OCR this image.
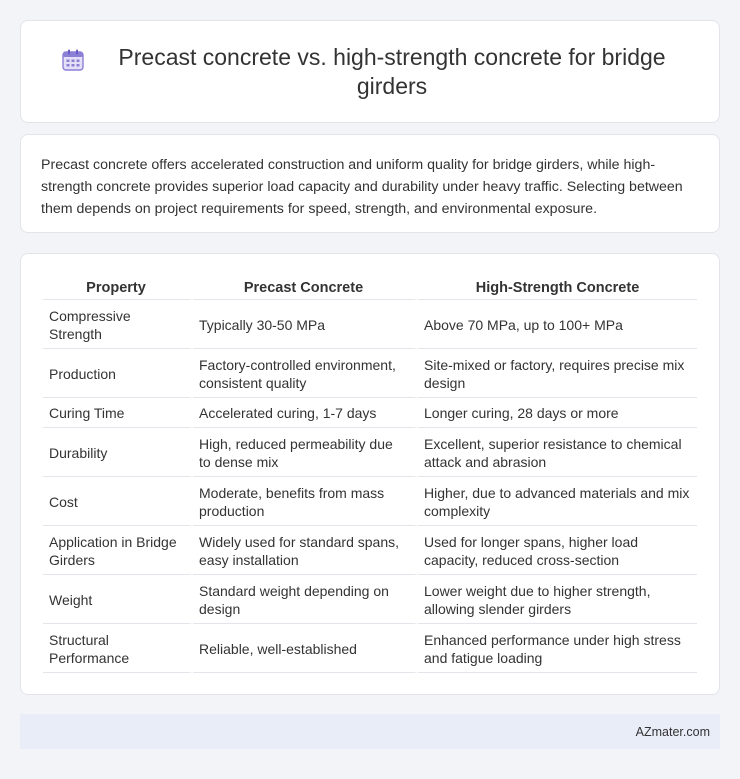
Precast concrete vs. high-strength concrete for bridge girders

Precast concrete offers accelerated construction and uniform quality for bridge girders, while high-strength concrete provides superior load capacity and durability under heavy traffic. Selecting between them depends on project requirements for speed, strength, and environmental exposure.

Property	Precast Concrete	High-Strength Concrete
Compressive Strength	Typically 30-50 MPa	Above 70 MPa, up to 100+ MPa
Production	Factory-controlled environment, consistent quality	Site-mixed or factory, requires precise mix design
Curing Time	Accelerated curing, 1-7 days	Longer curing, 28 days or more
Durability	High, reduced permeability due to dense mix	Excellent, superior resistance to chemical attack and abrasion
Cost	Moderate, benefits from mass production	Higher, due to advanced materials and mix complexity
Application in Bridge Girders	Widely used for standard spans, easy installation	Used for longer spans, higher load capacity, reduced cross-section
Weight	Standard weight depending on design	Lower weight due to higher strength, allowing slender girders
Structural Performance	Reliable, well-established	Enhanced performance under high stress and fatigue loading
AZmater.com
